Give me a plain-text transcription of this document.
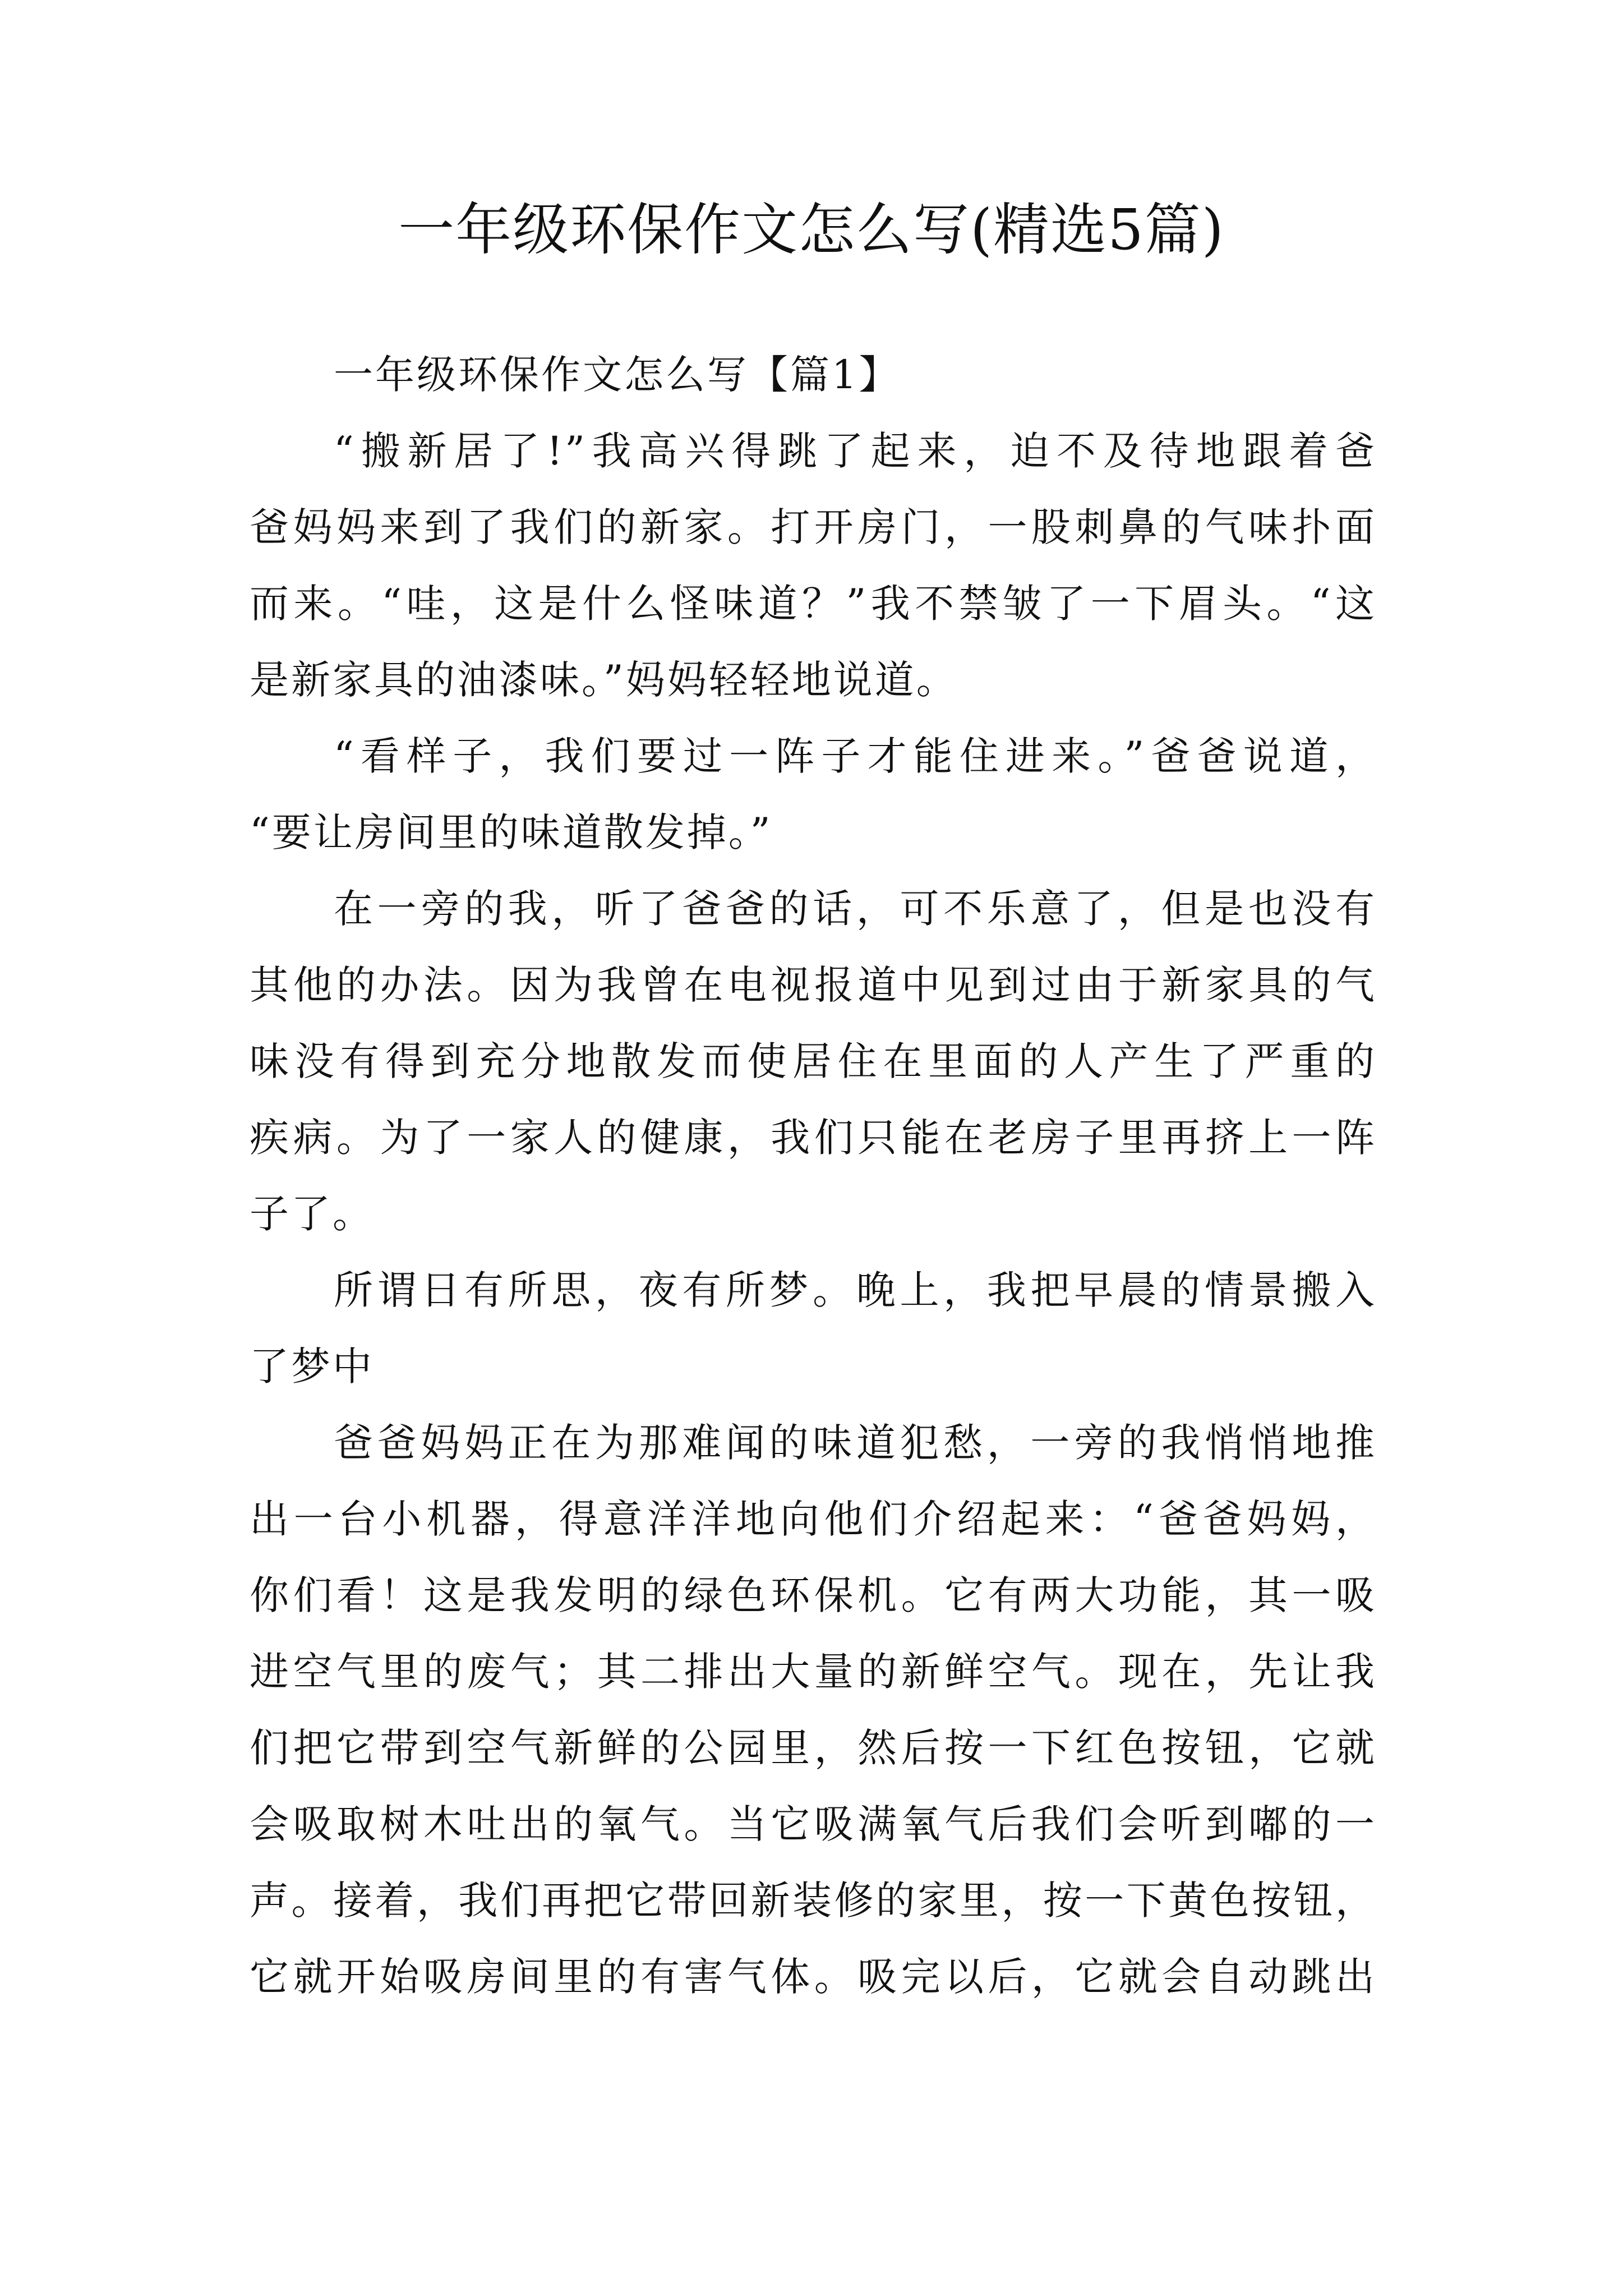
一年级环保作文怎么写(精选5篇)
一年级环保作文怎么写【篇1】
“搬新居了!”我高兴得跳了起来，迫不及待地跟着爸
爸妈妈来到了我们的新家。打开房门，一股刺鼻的气味扑面
而来。“哇，这是什么怪味道？”我不禁皱了一下眉头。“这
是新家具的油漆味。”妈妈轻轻地说道。
“看样子，我们要过一阵子才能住进来。”爸爸说道，
“要让房间里的味道散发掉。”
在一旁的我，听了爸爸的话，可不乐意了，但是也没有
其他的办法。因为我曾在电视报道中见到过由于新家具的气
味没有得到充分地散发而使居住在里面的人产生了严重的
疾病。为了一家人的健康，我们只能在老房子里再挤上一阵
子了。
所谓日有所思，夜有所梦。晚上，我把早晨的情景搬入
了梦中
爸爸妈妈正在为那难闻的味道犯愁，一旁的我悄悄地推
出一台小机器，得意洋洋地向他们介绍起来：“爸爸妈妈，
你们看！这是我发明的绿色环保机。它有两大功能，其一吸
进空气里的废气；其二排出大量的新鲜空气。现在，先让我
们把它带到空气新鲜的公园里，然后按一下红色按钮，它就
会吸取树木吐出的氧气。当它吸满氧气后我们会听到嘟的一
声。接着，我们再把它带回新装修的家里，按一下黄色按钮，
它就开始吸房间里的有害气体。吸完以后，它就会自动跳出
